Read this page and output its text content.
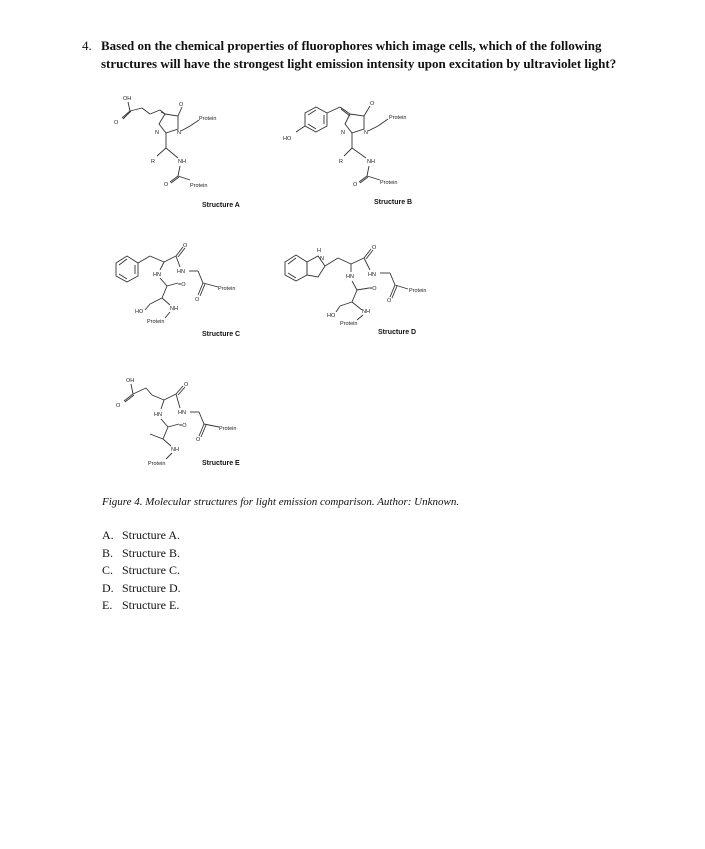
4. Based on the chemical properties of fluorophores which image cells, which of the following structures will have the strongest light emission intensity upon excitation by ultraviolet light?
OH
O
O
N
N
Protein
R	NH
O	Protein
Structure A
HO
O
N
N
Protein
R	NH
O	Protein
Structure B
O
HN	HN
O
Protein
=O
HO	NH
Protein
Structure C
H
N
O
HN	HN
O
Protein
=O
HO
NH
Protein
Structure D
OH
O
O
HN	HN
O
Protein
=O
NH
Protein	Structure E
Figure 4. Molecular structures for light emission comparison. Author: Unknown.
A. Structure A.
B. Structure B.
C. Structure C.
D. Structure D.
E. Structure E.
